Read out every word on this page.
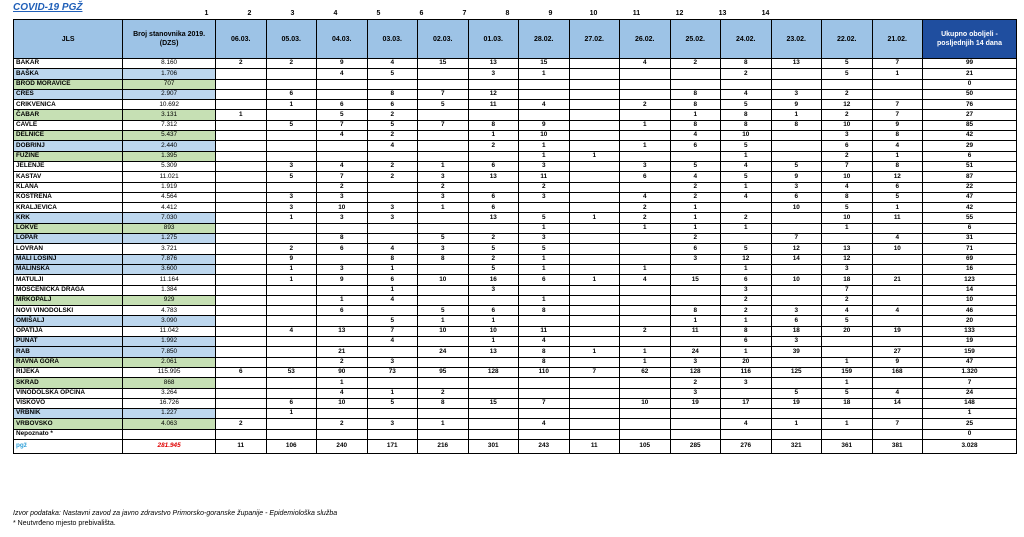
COVID-19 PGŽ
1	2	3	4	5	6	7	8	9	10	11	12	13	14
JLS	Broj stanovnika 2019. (DZS)	06.03.	05.03.	04.03.	03.03.	02.03.	01.03.	28.02.	27.02.	26.02.	25.02.	24.02.	23.02.	22.02.	21.02.	Ukupno oboljeli - posljednjih 14 dana
BAKAR	8.160	2	2	9	4	15	13	15		4	2	8	13	5	7	99
BAŠKA	1.706			4	5		3	1				2		5	1	21
BROD MORAVICE	707															0
CRES	2.907		6		8	7	12				8	4	3	2		50
CRIKVENICA	10.692		1	6	6	5	11	4		2	8	5	9	12	7	76
ČABAR	3.131	1		5	2						1	8	1	2	7	27
ČAVLE	7.312		5	7	5	7	8	9		1	8	8	8	10	9	85
DELNICE	5.437			4	2		1	10			4	10		3	8	42
DOBRINJ	2.440				4		2	1		1	6	5		6	4	29
FUŽINE	1.395							1	1			1		2	1	6
JELENJE	5.309		3	4	2	1	6	3		3	5	4	5	7	8	51
KASTAV	11.021		5	7	2	3	13	11		6	4	5	9	10	12	87
KLANA	1.919			2		2		2			2	1	3	4	6	22
KOSTRENA	4.564		3	3		3	6	3		4	2	4	6	8	5	47
KRALJEVICA	4.412		3	10	3	1	6			2	1		10	5	1	42
KRK	7.030		1	3	3		13	5	1	2	1	2		10	11	55
LOKVE	893							1		1	1	1		1		6
LOPAR	1.275			8		5	2	3			2		7		4	31
LOVRAN	3.721		2	6	4	3	5	5			6	5	12	13	10	71
MALI LOŠINJ	7.876		9		8	8	2	1			3	12	14	12		69
MALINSKA	3.600		1	3	1		5	1		1		1		3		16
MATULJI	11.164		1	9	6	10	16	6	1	4	15	6	10	18	21	123
MOŠĆENIČKA DRAGA	1.384				1		3					3		7		14
MRKOPALJ	929			1	4			1				2		2		10
NOVI VINODOLSKI	4.783			6		5	6	8			8	2	3	4	4	46
OMIŠALJ	3.090				5	1	1				1	1	6	5		20
OPATIJA	11.042		4	13	7	10	10	11		2	11	8	18	20	19	133
PUNAT	1.992				4		1	4				6	3			19
RAB	7.850			21		24	13	8	1	1	24	1	39		27	159
RAVNA GORA	2.061			2	3			8		1	3	20		1	9	47
RIJEKA	115.995	6	53	90	73	95	128	110	7	62	128	116	125	159	168	1.320
SKRAD	868			1							2	3		1		7
VINODOLSKA OPĆINA	3.264			4	1	2					3		5	5	4	24
VIŠKOVO	16.726		6	10	5	8	15	7		10	19	17	19	18	14	148
VRBNIK	1.227		1													1
VRBOVSKO	4.063	2		2	3	1		4				4	1	1	7	25
Nepoznato *																0
pgž	281.945	11	106	240	171	216	301	243	11	105	285	276	321	361	381	3.028
Izvor podataka: Nastavni zavod za javno zdravstvo Primorsko-goranske županije - Epidemiološka služba
* Neutvrđeno mjesto prebivališta.
